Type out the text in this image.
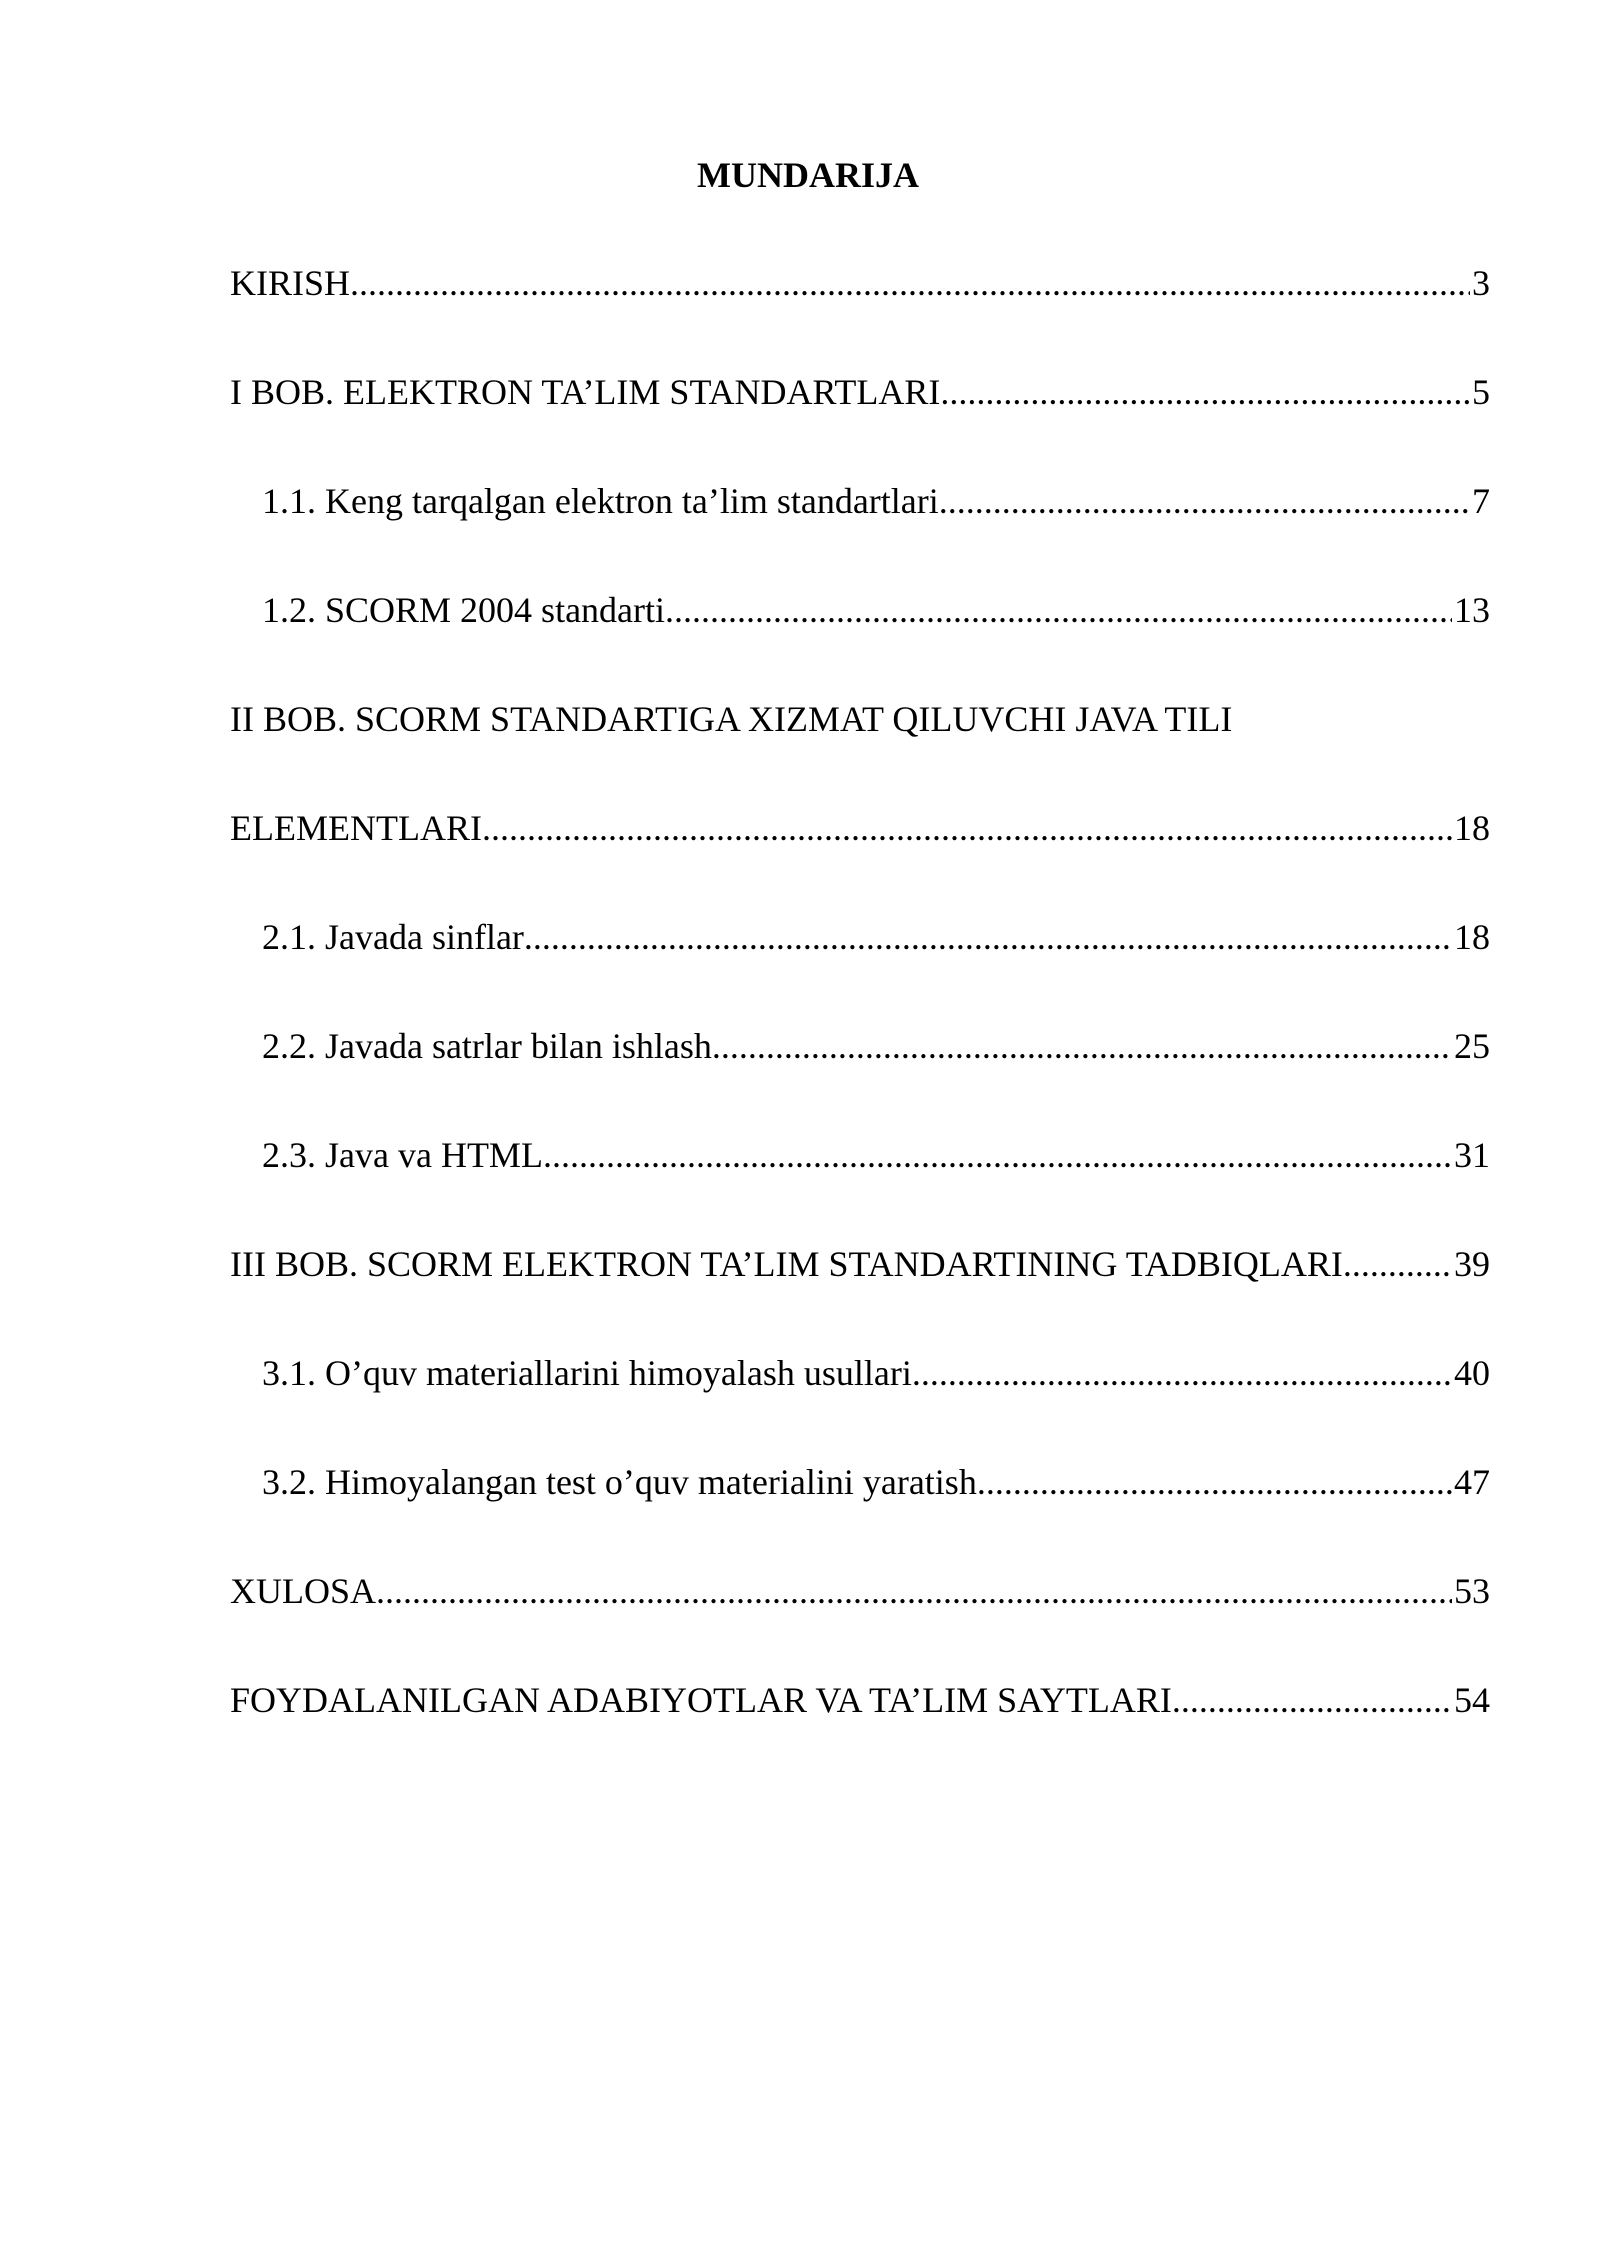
MUNDARIJA
KIRISH .....	3
I BOB. ELEKTRON TA’LIM STANDARTLARI .....	5
1.1. Keng tarqalgan elektron ta’lim standartlari .....	7
1.2. SCORM 2004 standarti .....	13
II BOB. SCORM STANDARTIGA XIZMAT QILUVCHI JAVA TILI
ELEMENTLARI .....	18
2.1. Javada sinflar .....	18
2.2. Javada satrlar bilan ishlash .....	25
2.3. Java va HTML .....	31
III BOB. SCORM ELEKTRON TA’LIM STANDARTINING TADBIQLARI .....	39
3.1. O’quv materiallarini himoyalash usullari .....	40
3.2. Himoyalangan test o’quv materialini yaratish .....	47
XULOSA .....	53
FOYDALANILGAN ADABIYOTLAR VA TA’LIM SAYTLARI .....	54
